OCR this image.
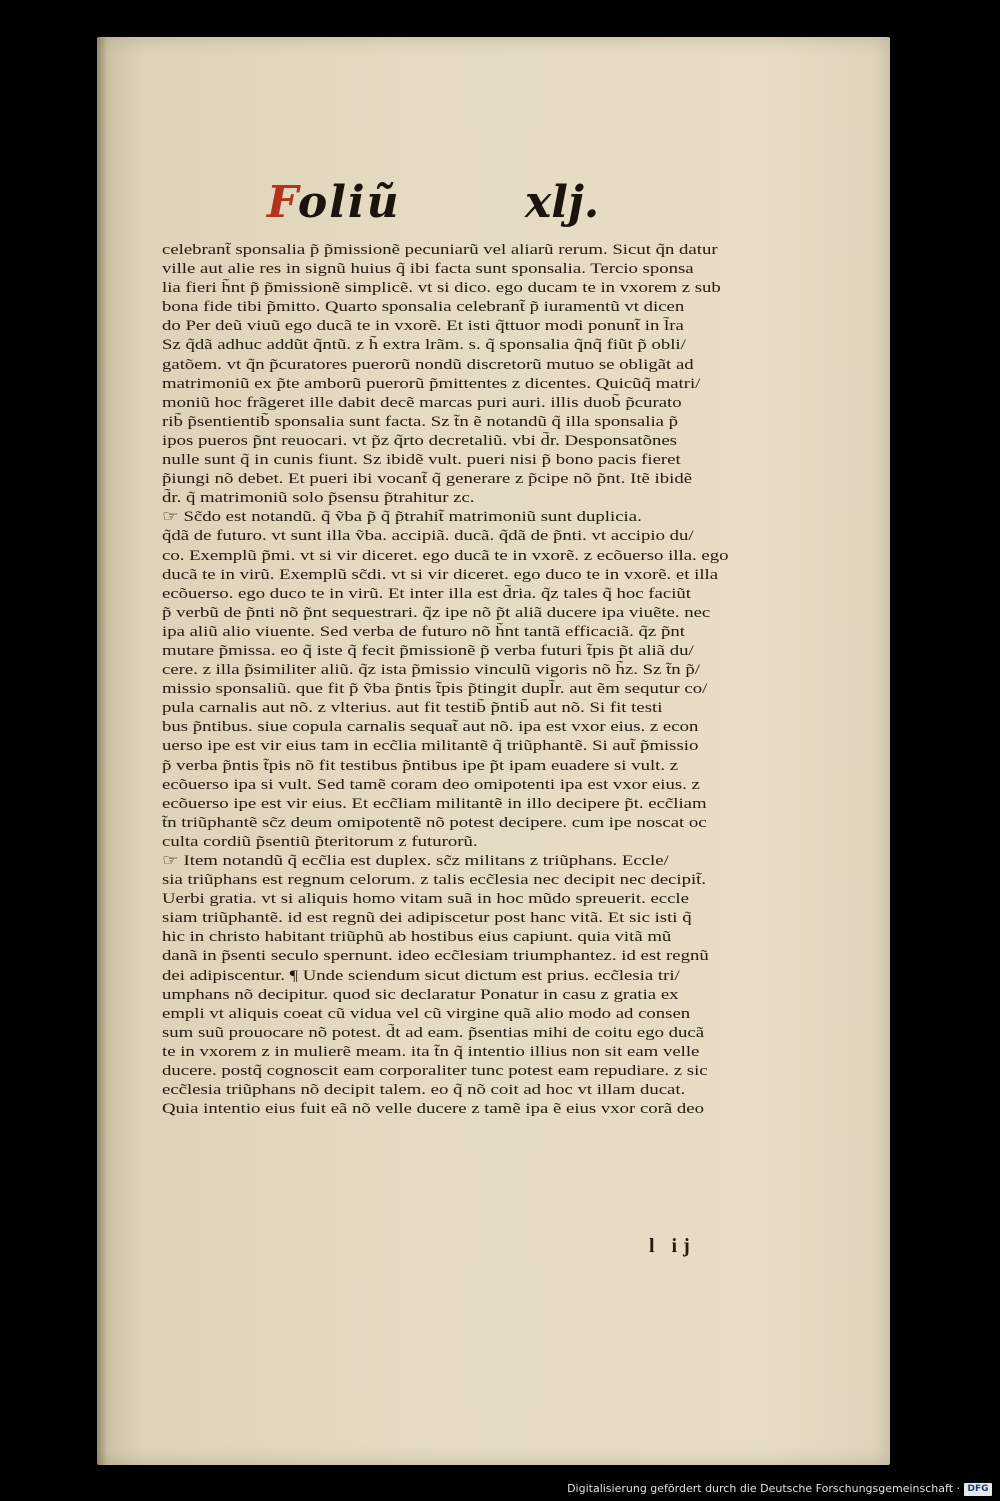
Foliũ	xlj.
celebrant̃ sponsalia p̃ p̃missionẽ pecuniarũ vel aliarũ rerum. Sicut q̃n datur
ville aut alie res in signũ huius q̃ ibi facta sunt sponsalia. Tercio sponsa
lia fieri h̃nt p̃ p̃missionẽ simplicẽ. vt si dico. ego ducam te in vxorem z sub
bona fide tibi p̃mitto. Quarto sponsalia celebrant̃ p̃ iuramentũ vt dicen
do Per deũ viuũ ego ducã te in vxorẽ. Et isti q̃ttuor modi ponunt̃ in l̃ra
Sz q̃dã adhuc addũt q̃ntũ. z h̃ extra lrãm. s. q̃ sponsalia q̃nq̃ fiũt p̃ obli/
gatõem. vt q̃n p̃curatores puerorũ nondũ discretorũ mutuo se obligãt ad
matrimoniũ ex p̃te amborũ puerorũ p̃mittentes z dicentes. Quicũq̃ matri/
moniũ hoc frãgeret ille dabit decẽ marcas puri auri. illis duob̃ p̃curato
rib̃ p̃sentientib̃ sponsalia sunt facta. Sz t̃n ẽ notandũ q̃ illa sponsalia p̃
ipos pueros p̃nt reuocari. vt p̃z q̃rto decretaliũ. vbi d̃r. Desponsatõnes
nulle sunt q̃ in cunis fiunt. Sz ibidẽ vult. pueri nisi p̃ bono pacis fieret
p̃iungi nõ debet. Et pueri ibi vocant̃ q̃ generare z p̃cipe nõ p̃nt. Itẽ ibidẽ
d̃r. q̃ matrimoniũ solo p̃sensu p̃trahitur zc.
☞ Sc̃do est notandũ. q̃ ṽba p̃ q̃ p̃trahit̃ matrimoniũ sunt duplicia.
q̃dã de futuro. vt sunt illa ṽba. accipiã. ducã. q̃dã de p̃nti. vt accipio du/
co. Exemplũ p̃mi. vt si vir diceret. ego ducã te in vxorẽ. z ecõuerso illa. ego
ducã te in virũ. Exemplũ sc̃di. vt si vir diceret. ego duco te in vxorẽ. et illa
ecõuerso. ego duco te in virũ. Et inter illa est d̃ria. q̃z tales q̃ hoc faciũt
p̃ verbũ de p̃nti nõ p̃nt sequestrari. q̃z ipe nõ p̃t aliã ducere ipa viuẽte. nec
ipa aliũ alio viuente. Sed verba de futuro nõ h̃nt tantã efficaciã. q̃z p̃nt
mutare p̃missa. eo q̃ iste q̃ fecit p̃missionẽ p̃ verba futuri t̃pis p̃t aliã du/
cere. z illa p̃similiter aliũ. q̃z ista p̃missio vinculũ vigoris nõ h̃z. Sz t̃n p̃/
missio sponsaliũ. que fit p̃ ṽba p̃ntis t̃pis p̃tingit dupl̃r. aut ẽm sequtur co/
pula carnalis aut nõ. z vlterius. aut fit testib̃ p̃ntib̃ aut nõ. Si fit testi
bus p̃ntibus. siue copula carnalis sequat̃ aut nõ. ipa est vxor eius. z econ
uerso ipe est vir eius tam in ecc̃lia militantẽ q̃ triũphantẽ. Si aut̃ p̃missio
p̃ verba p̃ntis t̃pis nõ fit testibus p̃ntibus ipe p̃t ipam euadere si vult. z
ecõuerso ipa si vult. Sed tamẽ coram deo omipotenti ipa est vxor eius. z
ecõuerso ipe est vir eius. Et ecc̃liam militantẽ in illo decipere p̃t. ecc̃liam
t̃n triũphantẽ sc̃z deum omipotentẽ nõ potest decipere. cum ipe noscat oc
culta cordiũ p̃sentiũ p̃teritorum z futurorũ.
☞ Item notandũ q̃ ecc̃lia est duplex. sc̃z militans z triũphans. Eccle/
sia triũphans est regnum celorum. z talis ecc̃lesia nec decipit nec decipit̃.
Uerbi gratia. vt si aliquis homo vitam suã in hoc mũdo spreuerit. eccle
siam triũphantẽ. id est regnũ dei adipiscetur post hanc vitã. Et sic isti q̃
hic in christo habitant triũphũ ab hostibus eius capiunt. quia vitã mũ
danã in p̃senti seculo spernunt. ideo ecc̃lesiam triumphantez. id est regnũ
dei adipiscentur. ¶ Unde sciendum sicut dictum est prius. ecc̃lesia tri/
umphans nõ decipitur. quod sic declaratur Ponatur in casu z gratia ex
empli vt aliquis coeat cũ vidua vel cũ virgine quã alio modo ad consen
sum suũ prouocare nõ potest. d̃t ad eam. p̃sentias mihi de coitu ego ducã
te in vxorem z in mulierẽ meam. ita t̃n q̃ intentio illius non sit eam velle
ducere. postq̃ cognoscit eam corporaliter tunc potest eam repudiare. z sic
ecc̃lesia triũphans nõ decipit talem. eo q̃ nõ coit ad hoc vt illam ducat.
Quia intentio eius fuit eã nõ velle ducere z tamẽ ipa ẽ eius vxor corã deo
l ij
Digitalisierung gefördert durch die Deutsche Forschungsgemeinschaft · DFG
